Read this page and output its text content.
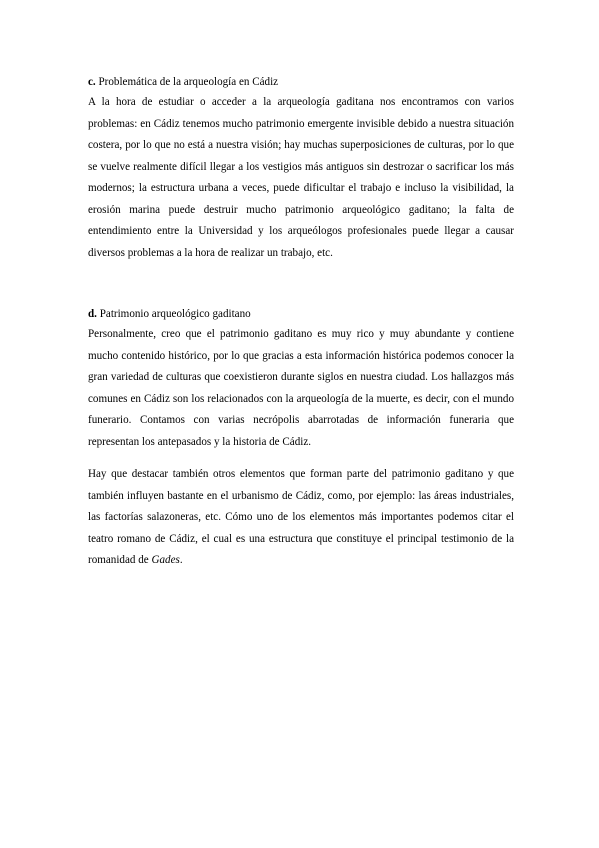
c. Problemática de la arqueología en Cádiz

A la hora de estudiar o acceder a la arqueología gaditana nos encontramos con varios problemas: en Cádiz tenemos mucho patrimonio emergente invisible debido a nuestra situación costera, por lo que no está a nuestra visión; hay muchas superposiciones de culturas, por lo que se vuelve realmente difícil llegar a los vestigios más antiguos sin destrozar o sacrificar los más modernos; la estructura urbana a veces, puede dificultar el trabajo e incluso la visibilidad, la erosión marina puede destruir mucho patrimonio arqueológico gaditano; la falta de entendimiento entre la Universidad y los arqueólogos profesionales puede llegar a causar diversos problemas a la hora de realizar un trabajo, etc.

d. Patrimonio arqueológico gaditano

Personalmente, creo que el patrimonio gaditano es muy rico y muy abundante y contiene mucho contenido histórico, por lo que gracias a esta información histórica podemos conocer la gran variedad de culturas que coexistieron durante siglos en nuestra ciudad. Los hallazgos más comunes en Cádiz son los relacionados con la arqueología de la muerte, es decir, con el mundo funerario. Contamos con varias necrópolis abarrotadas de información funeraria que representan los antepasados y la historia de Cádiz.

Hay que destacar también otros elementos que forman parte del patrimonio gaditano y que también influyen bastante en el urbanismo de Cádiz, como, por ejemplo: las áreas industriales, las factorías salazoneras, etc. Cómo uno de los elementos más importantes podemos citar el teatro romano de Cádiz, el cual es una estructura que constituye el principal testimonio de la romanidad de Gades.
